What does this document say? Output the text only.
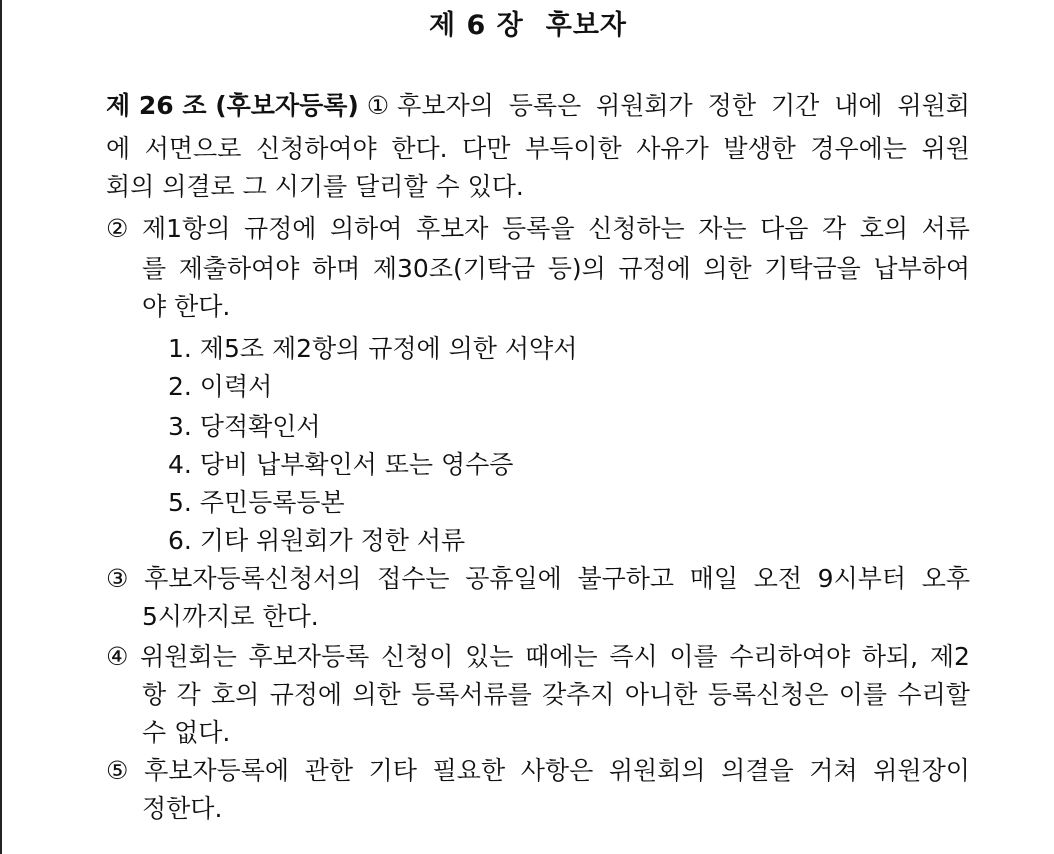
제 6 장 후보자
제 26 조 (후보자등록) ① 후보자의 등록은 위원회가 정한 기간 내에 위원회
에 서면으로 신청하여야 한다. 다만 부득이한 사유가 발생한 경우에는 위원
회의 의결로 그 시기를 달리할 수 있다.
② 제1항의 규정에 의하여 후보자 등록을 신청하는 자는 다음 각 호의 서류
를 제출하여야 하며 제30조(기탁금 등)의 규정에 의한 기탁금을 납부하여
야 한다.
1. 제5조 제2항의 규정에 의한 서약서
2. 이력서
3. 당적확인서
4. 당비 납부확인서 또는 영수증
5. 주민등록등본
6. 기타 위원회가 정한 서류
③ 후보자등록신청서의 접수는 공휴일에 불구하고 매일 오전 9시부터 오후
5시까지로 한다.
④ 위원회는 후보자등록 신청이 있는 때에는 즉시 이를 수리하여야 하되, 제2
항 각 호의 규정에 의한 등록서류를 갖추지 아니한 등록신청은 이를 수리할
수 없다.
⑤ 후보자등록에 관한 기타 필요한 사항은 위원회의 의결을 거쳐 위원장이
정한다.
